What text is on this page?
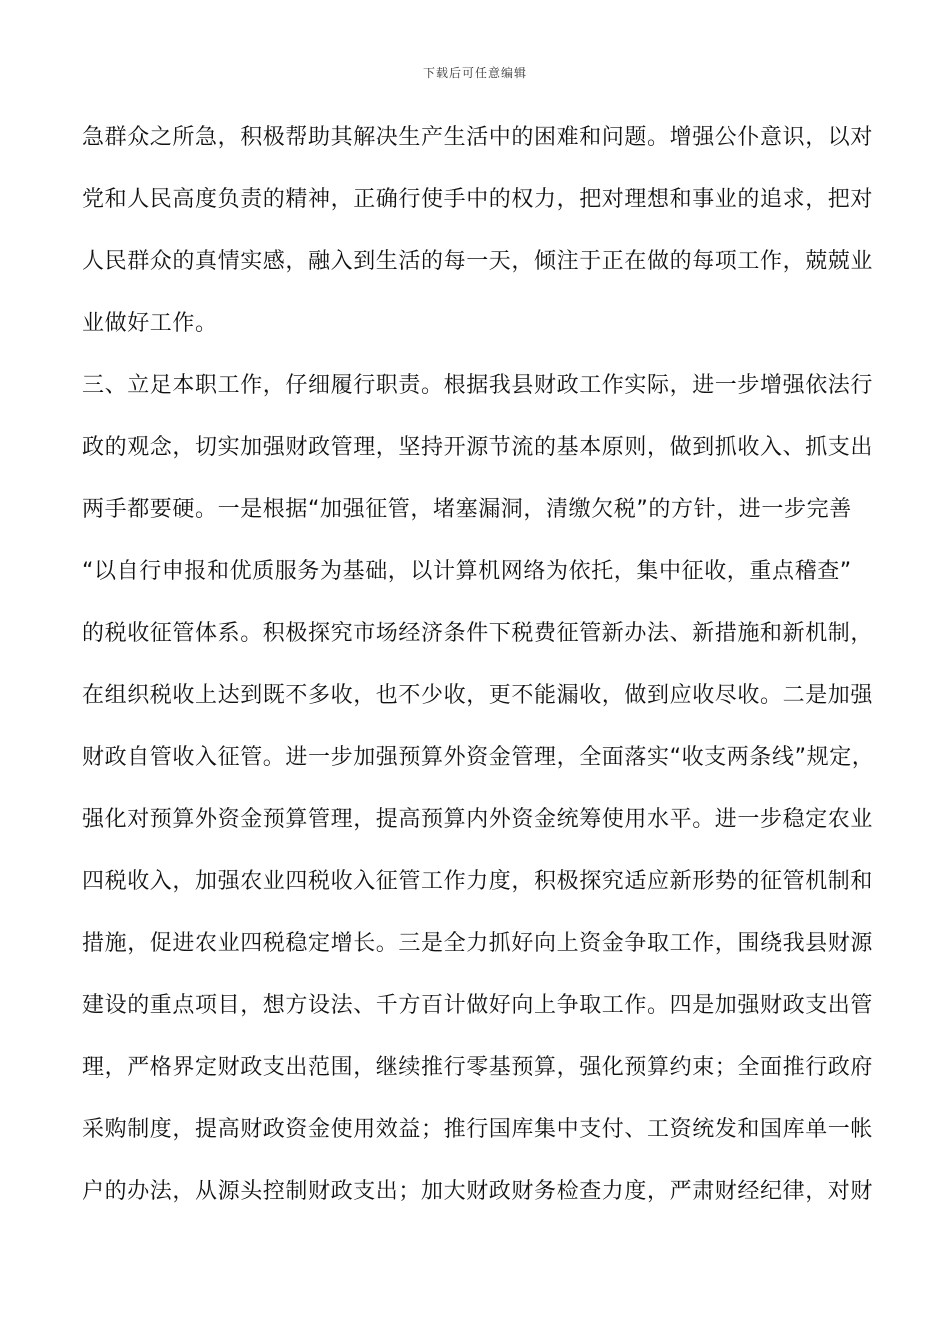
下载后可任意编辑
急群众之所急，积极帮助其解决生产生活中的困难和问题。增强公仆意识，以对
党和人民高度负责的精神，正确行使手中的权力，把对理想和事业的追求，把对
人民群众的真情实感，融入到生活的每一天，倾注于正在做的每项工作，兢兢业
业做好工作。
三、立足本职工作，仔细履行职责。根据我县财政工作实际，进一步增强依法行
政的观念，切实加强财政管理，坚持开源节流的基本原则，做到抓收入、抓支出
两手都要硬。一是根据“加强征管，堵塞漏洞，清缴欠税”的方针，进一步完善
“以自行申报和优质服务为基础，以计算机网络为依托，集中征收，重点稽查”
的税收征管体系。积极探究市场经济条件下税费征管新办法、新措施和新机制，
在组织税收上达到既不多收，也不少收，更不能漏收，做到应收尽收。二是加强
财政自管收入征管。进一步加强预算外资金管理，全面落实“收支两条线”规定，
强化对预算外资金预算管理，提高预算内外资金统筹使用水平。进一步稳定农业
四税收入，加强农业四税收入征管工作力度，积极探究适应新形势的征管机制和
措施，促进农业四税稳定增长。三是全力抓好向上资金争取工作，围绕我县财源
建设的重点项目，想方设法、千方百计做好向上争取工作。四是加强财政支出管
理，严格界定财政支出范围，继续推行零基预算，强化预算约束；全面推行政府
采购制度，提高财政资金使用效益；推行国库集中支付、工资统发和国库单一帐
户的办法，从源头控制财政支出；加大财政财务检查力度，严肃财经纪律，对财
